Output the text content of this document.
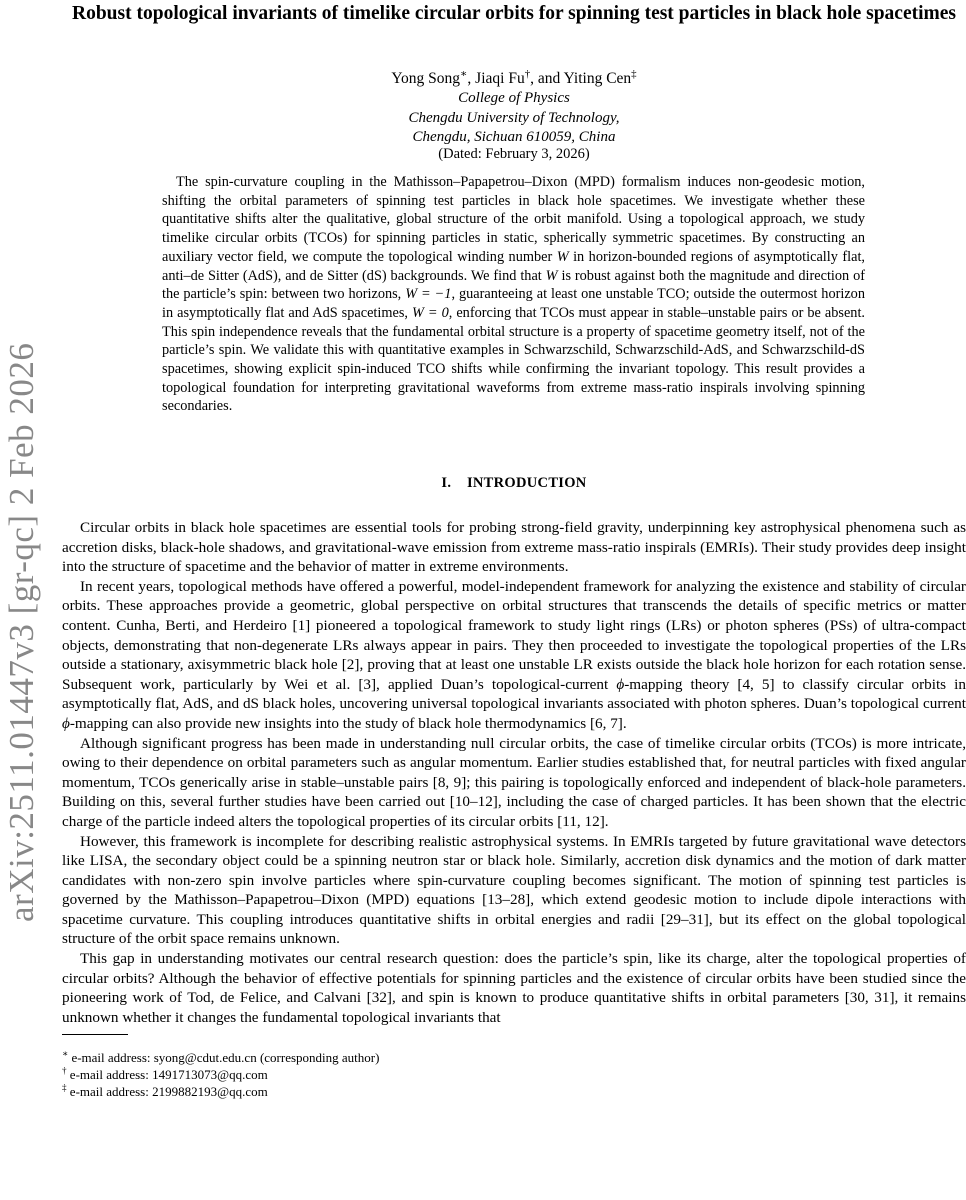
arXiv:2511.01447v3 [gr-qc] 2 Feb 2026
Robust topological invariants of timelike circular orbits for spinning test particles in black hole spacetimes
Yong Song∗, Jiaqi Fu†, and Yiting Cen‡
College of Physics
Chengdu University of Technology,
Chengdu, Sichuan 610059, China
(Dated: February 3, 2026)
The spin-curvature coupling in the Mathisson–Papapetrou–Dixon (MPD) formalism induces non-geodesic motion, shifting the orbital parameters of spinning test particles in black hole spacetimes. We investigate whether these quantitative shifts alter the qualitative, global structure of the orbit manifold. Using a topological approach, we study timelike circular orbits (TCOs) for spinning particles in static, spherically symmetric spacetimes. By constructing an auxiliary vector field, we compute the topological winding number W in horizon-bounded regions of asymptotically flat, anti–de Sitter (AdS), and de Sitter (dS) backgrounds. We find that W is robust against both the magnitude and direction of the particle’s spin: between two horizons, W = −1, guaranteeing at least one unstable TCO; outside the outermost horizon in asymptotically flat and AdS spacetimes, W = 0, enforcing that TCOs must appear in stable–unstable pairs or be absent. This spin independence reveals that the fundamental orbital structure is a property of spacetime geometry itself, not of the particle’s spin. We validate this with quantitative examples in Schwarzschild, Schwarzschild-AdS, and Schwarzschild-dS spacetimes, showing explicit spin-induced TCO shifts while confirming the invariant topology. This result provides a topological foundation for interpreting gravitational waveforms from extreme mass-ratio inspirals involving spinning secondaries.
I. INTRODUCTION

Circular orbits in black hole spacetimes are essential tools for probing strong-field gravity, underpinning key astrophysical phenomena such as accretion disks, black-hole shadows, and gravitational-wave emission from extreme mass-ratio inspirals (EMRIs). Their study provides deep insight into the structure of spacetime and the behavior of matter in extreme environments.

In recent years, topological methods have offered a powerful, model-independent framework for analyzing the existence and stability of circular orbits. These approaches provide a geometric, global perspective on orbital structures that transcends the details of specific metrics or matter content. Cunha, Berti, and Herdeiro [1] pioneered a topological framework to study light rings (LRs) or photon spheres (PSs) of ultra-compact objects, demonstrating that non-degenerate LRs always appear in pairs. They then proceeded to investigate the topological properties of the LRs outside a stationary, axisymmetric black hole [2], proving that at least one unstable LR exists outside the black hole horizon for each rotation sense. Subsequent work, particularly by Wei et al. [3], applied Duan’s topological-current ϕ-mapping theory [4, 5] to classify circular orbits in asymptotically flat, AdS, and dS black holes, uncovering universal topological invariants associated with photon spheres. Duan’s topological current ϕ-mapping can also provide new insights into the study of black hole thermodynamics [6, 7].

Although significant progress has been made in understanding null circular orbits, the case of timelike circular orbits (TCOs) is more intricate, owing to their dependence on orbital parameters such as angular momentum. Earlier studies established that, for neutral particles with fixed angular momentum, TCOs generically arise in stable–unstable pairs [8, 9]; this pairing is topologically enforced and independent of black-hole parameters. Building on this, several further studies have been carried out [10–12], including the case of charged particles. It has been shown that the electric charge of the particle indeed alters the topological properties of its circular orbits [11, 12].

However, this framework is incomplete for describing realistic astrophysical systems. In EMRIs targeted by future gravitational wave detectors like LISA, the secondary object could be a spinning neutron star or black hole. Similarly, accretion disk dynamics and the motion of dark matter candidates with non-zero spin involve particles where spin-curvature coupling becomes significant. The motion of spinning test particles is governed by the Mathisson–Papapetrou–Dixon (MPD) equations [13–28], which extend geodesic motion to include dipole interactions with spacetime curvature. This coupling introduces quantitative shifts in orbital energies and radii [29–31], but its effect on the global topological structure of the orbit space remains unknown.

This gap in understanding motivates our central research question: does the particle’s spin, like its charge, alter the topological properties of circular orbits? Although the behavior of effective potentials for spinning particles and the existence of circular orbits have been studied since the pioneering work of Tod, de Felice, and Calvani [32], and spin is known to produce quantitative shifts in orbital parameters [30, 31], it remains unknown whether it changes the fundamental topological invariants that

∗ e-mail address: syong@cdut.edu.cn (corresponding author)
† e-mail address: 1491713073@qq.com
‡ e-mail address: 2199882193@qq.com
